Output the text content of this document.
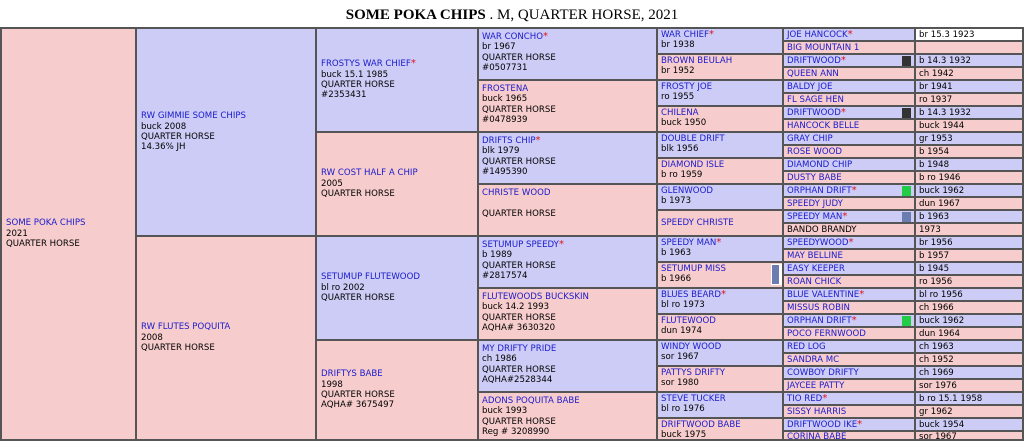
SOME POKA CHIPS . M, QUARTER HORSE, 2021
SOME POKA CHIPS
2021
QUARTER HORSE
RW GIMMIE SOME CHIPS
buck 2008
QUARTER HORSE
14.36% JH
RW FLUTES POQUITA
2008
QUARTER HORSE
FROSTYS WAR CHIEF*
buck 15.1 1985
QUARTER HORSE
#2353431
RW COST HALF A CHIP
2005
QUARTER HORSE
SETUMUP FLUTEWOOD
bl ro 2002
QUARTER HORSE
DRIFTYS BABE
1998
QUARTER HORSE
AQHA# 3675497
WAR CONCHO*
br 1967
QUARTER HORSE
#0507731
FROSTENA
buck 1965
QUARTER HORSE
#0478939
DRIFTS CHIP*
blk 1979
QUARTER HORSE
#1495390
CHRISTE WOOD

QUARTER HORSE
SETUMUP SPEEDY*
b 1989
QUARTER HORSE
#2817574
FLUTEWOODS BUCKSKIN
buck 14.2 1993
QUARTER HORSE
AQHA# 3630320
MY DRIFTY PRIDE
ch 1986
QUARTER HORSE
AQHA#2528344
ADONS POQUITA BABE
buck 1993
QUARTER HORSE
Reg # 3208990
WAR CHIEF*
br 1938
BROWN BEULAH
br 1952
FROSTY JOE
ro 1955
CHILENA
buck 1950
DOUBLE DRIFT
blk 1956
DIAMOND ISLE
b ro 1959
GLENWOOD
b 1973
SPEEDY CHRISTE
SPEEDY MAN*
b 1963
SETUMUP MISS
b 1966
BLUES BEARD*
bl ro 1973
FLUTEWOOD
dun 1974
WINDY WOOD
sor 1967
PATTYS DRIFTY
sor 1980
STEVE TUCKER
bl ro 1976
DRIFTWOOD BABE
buck 1975
JOE HANCOCK*
BIG MOUNTAIN 1
DRIFTWOOD*
QUEEN ANN
BALDY JOE
FL SAGE HEN
DRIFTWOOD*
HANCOCK BELLE
GRAY CHIP
ROSE WOOD
DIAMOND CHIP
DUSTY BABE
ORPHAN DRIFT*
SPEEDY JUDY
SPEEDY MAN*
BANDO BRANDY
SPEEDYWOOD*
MAY BELLINE
EASY KEEPER
ROAN CHICK
BLUE VALENTINE*
MISSUS ROBIN
ORPHAN DRIFT*
POCO FERNWOOD
RED LOG
SANDRA MC
COWBOY DRIFTY
JAYCEE PATTY
TIO RED*
SISSY HARRIS
DRIFTWOOD IKE*
CORINA BABE
br 15.3 1923
b 14.3 1932
ch 1942
br 1941
ro 1937
b 14.3 1932
buck 1944
gr 1953
b 1954
b 1948
b ro 1946
buck 1962
dun 1967
b 1963
1973
br 1956
b 1957
b 1945
ro 1956
bl ro 1956
ch 1966
buck 1962
dun 1964
ch 1963
ch 1952
ch 1969
sor 1976
b ro 15.1 1958
gr 1962
buck 1954
sor 1967
